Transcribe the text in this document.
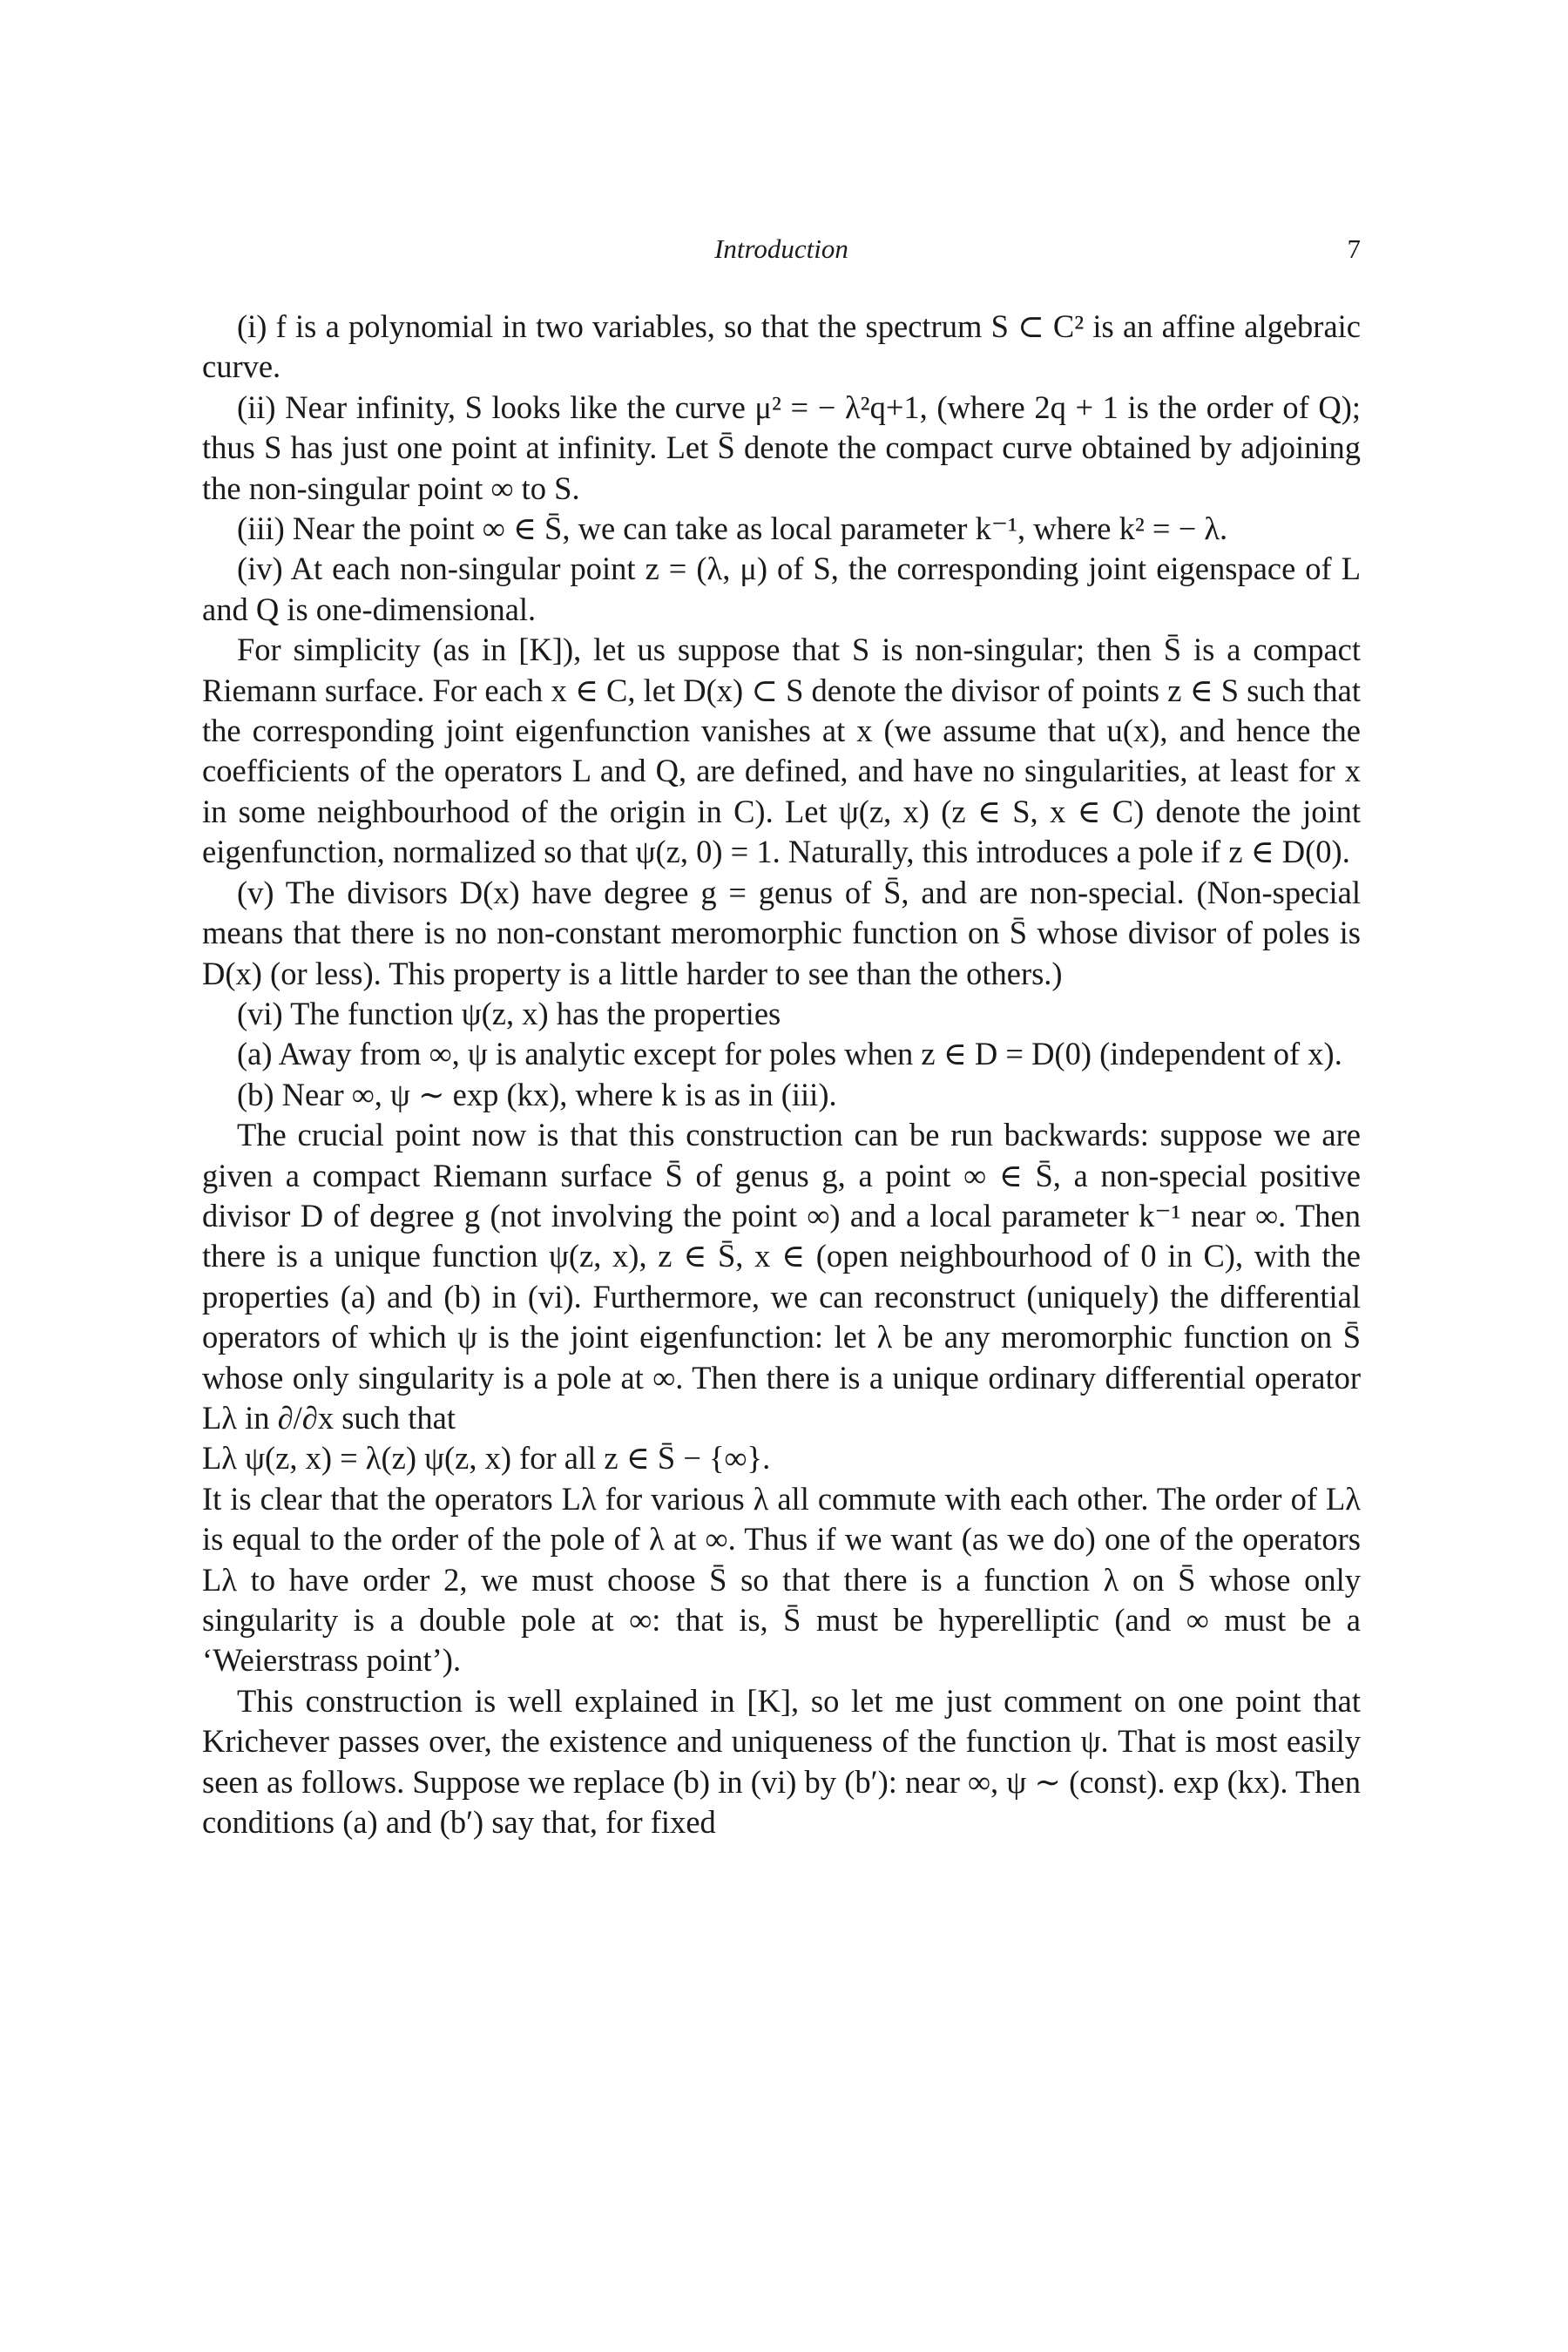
Introduction	7

(i) f is a polynomial in two variables, so that the spectrum S ⊂ C² is an affine algebraic curve.

(ii) Near infinity, S looks like the curve μ² = − λ²q+1, (where 2q + 1 is the order of Q); thus S has just one point at infinity. Let S̄ denote the compact curve obtained by adjoining the non-singular point ∞ to S.

(iii) Near the point ∞ ∈ S̄, we can take as local parameter k⁻¹, where k² = − λ.

(iv) At each non-singular point z = (λ, μ) of S, the corresponding joint eigenspace of L and Q is one-dimensional.

For simplicity (as in [K]), let us suppose that S is non-singular; then S̄ is a compact Riemann surface. For each x ∈ C, let D(x) ⊂ S denote the divisor of points z ∈ S such that the corresponding joint eigenfunction vanishes at x (we assume that u(x), and hence the coefficients of the operators L and Q, are defined, and have no singularities, at least for x in some neighbourhood of the origin in C). Let ψ(z, x) (z ∈ S, x ∈ C) denote the joint eigenfunction, normalized so that ψ(z, 0) = 1. Naturally, this introduces a pole if z ∈ D(0).

(v) The divisors D(x) have degree g = genus of S̄, and are non-special. (Non-special means that there is no non-constant meromorphic function on S̄ whose divisor of poles is D(x) (or less). This property is a little harder to see than the others.)

(vi) The function ψ(z, x) has the properties

(a) Away from ∞, ψ is analytic except for poles when z ∈ D = D(0) (independent of x).

(b) Near ∞, ψ ∼ exp (kx), where k is as in (iii).

The crucial point now is that this construction can be run backwards: suppose we are given a compact Riemann surface S̄ of genus g, a point ∞ ∈ S̄, a non-special positive divisor D of degree g (not involving the point ∞) and a local parameter k⁻¹ near ∞. Then there is a unique function ψ(z, x), z ∈ S̄, x ∈ (open neighbourhood of 0 in C), with the properties (a) and (b) in (vi). Furthermore, we can reconstruct (uniquely) the differential operators of which ψ is the joint eigenfunction: let λ be any meromorphic function on S̄ whose only singularity is a pole at ∞. Then there is a unique ordinary differential operator Lλ in ∂/∂x such that

Lλ ψ(z, x) = λ(z) ψ(z, x) for all z ∈ S̄ − {∞}.

It is clear that the operators Lλ for various λ all commute with each other. The order of Lλ is equal to the order of the pole of λ at ∞. Thus if we want (as we do) one of the operators Lλ to have order 2, we must choose S̄ so that there is a function λ on S̄ whose only singularity is a double pole at ∞: that is, S̄ must be hyperelliptic (and ∞ must be a ‘Weierstrass point’).

This construction is well explained in [K], so let me just comment on one point that Krichever passes over, the existence and uniqueness of the function ψ. That is most easily seen as follows. Suppose we replace (b) in (vi) by (b′): near ∞, ψ ∼ (const). exp (kx). Then conditions (a) and (b′) say that, for fixed
